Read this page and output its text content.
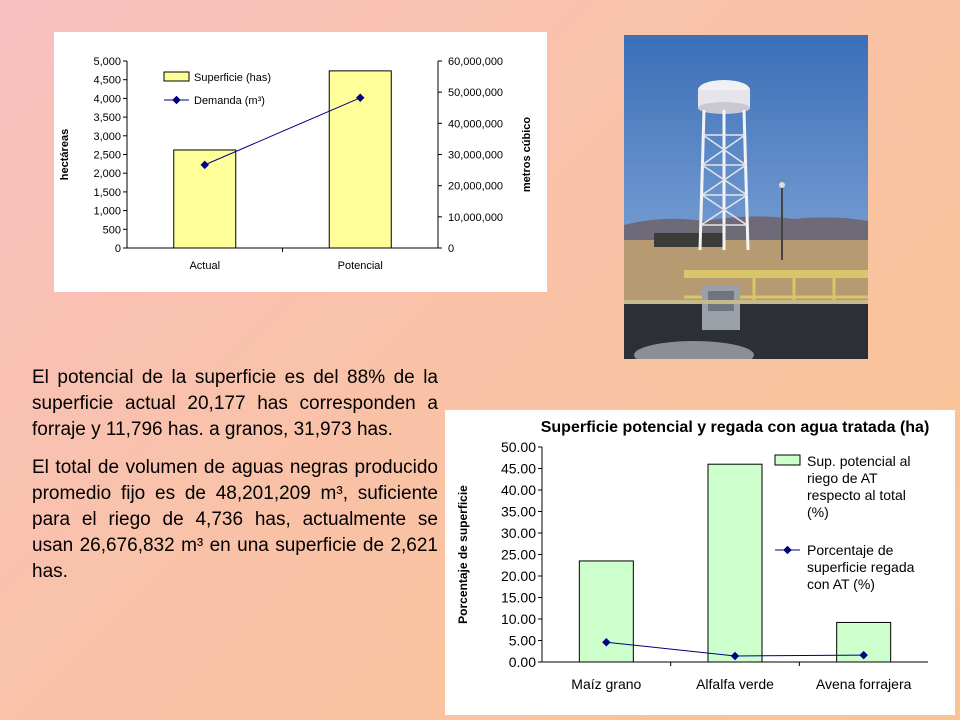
0
500
1,000
1,500
2,000
2,500
3,000
3,500
4,000
4,500
5,000
0
10,000,000
20,000,000
30,000,000
40,000,000
50,000,000
60,000,000
hectáreas	metros cúbico
Actual	Potencial
Superficie (has)
Demanda (m³)

El potencial de la superficie es del 88% de la superficie actual 20,177 has corresponden a forraje y 11,796 has. a granos, 31,973 has.

El total de volumen de aguas negras producido promedio fijo es de 48,201,209 m³, suficiente para el riego de 4,736 has, actualmente se usan 26,676,832 m³ en una superficie de 2,621 has.

Superficie potencial y regada con agua tratada (ha)
0.00
5.00
10.00
15.00
20.00
25.00
30.00
35.00
40.00
45.00
50.00
Porcentaje de superficie
Maíz grano	Alfalfa verde	Avena forrajera
Sup. potencial al
riego de AT
respecto al total
(%)
Porcentaje de
superficie regada
con AT (%)
